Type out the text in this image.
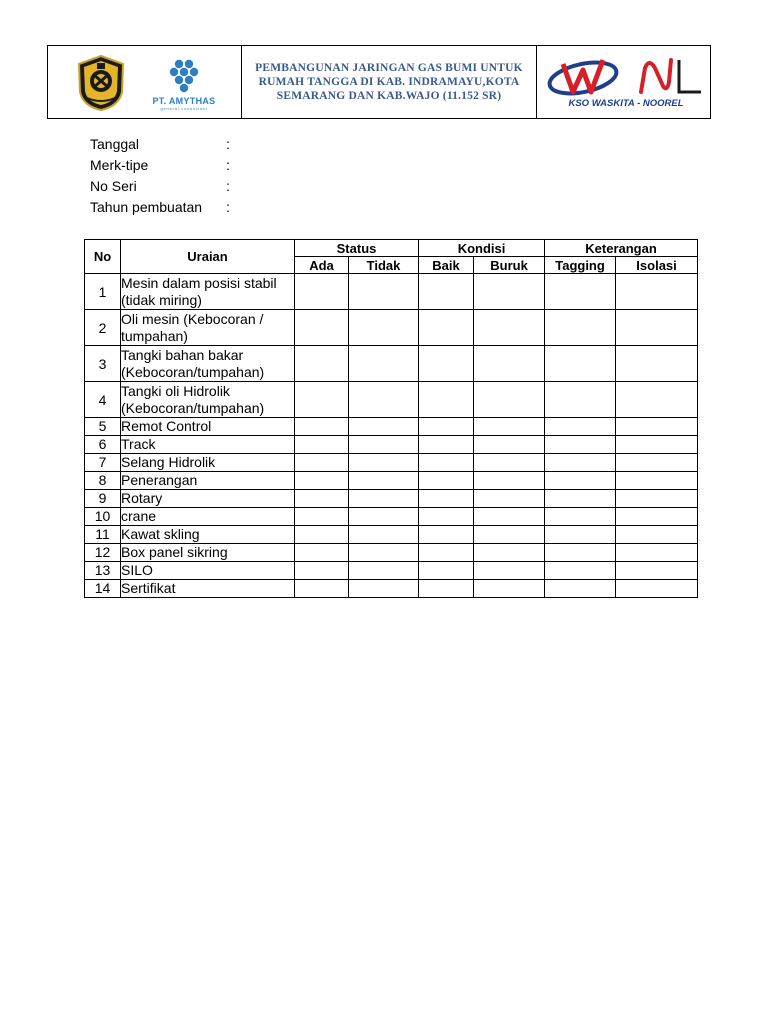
PT. AMYTHAS
general consultant
PEMBANGUNAN JARINGAN GAS BUMI UNTUK RUMAH TANGGA DI KAB. INDRAMAYU,KOTA SEMARANG DAN KAB.WAJO (11.152 SR)
KSO WASKITA - NOOREL
Tanggal	:
Merk-tipe	:
No Seri	:
Tahun pembuatan	:
No	Uraian	Status		Kondisi		Keterangan	
		Ada	Tidak	Baik	Buruk	Tagging	Isolasi
1	Mesin dalam posisi stabil (tidak miring)						
2	Oli mesin (Kebocoran / tumpahan)						
3	Tangki bahan bakar (Kebocoran/tumpahan)						
4	Tangki oli Hidrolik (Kebocoran/tumpahan)						
5	Remot Control						
6	Track						
7	Selang Hidrolik						
8	Penerangan						
9	Rotary						
10	crane						
11	Kawat skling						
12	Box panel sikring						
13	SILO						
14	Sertifikat						
